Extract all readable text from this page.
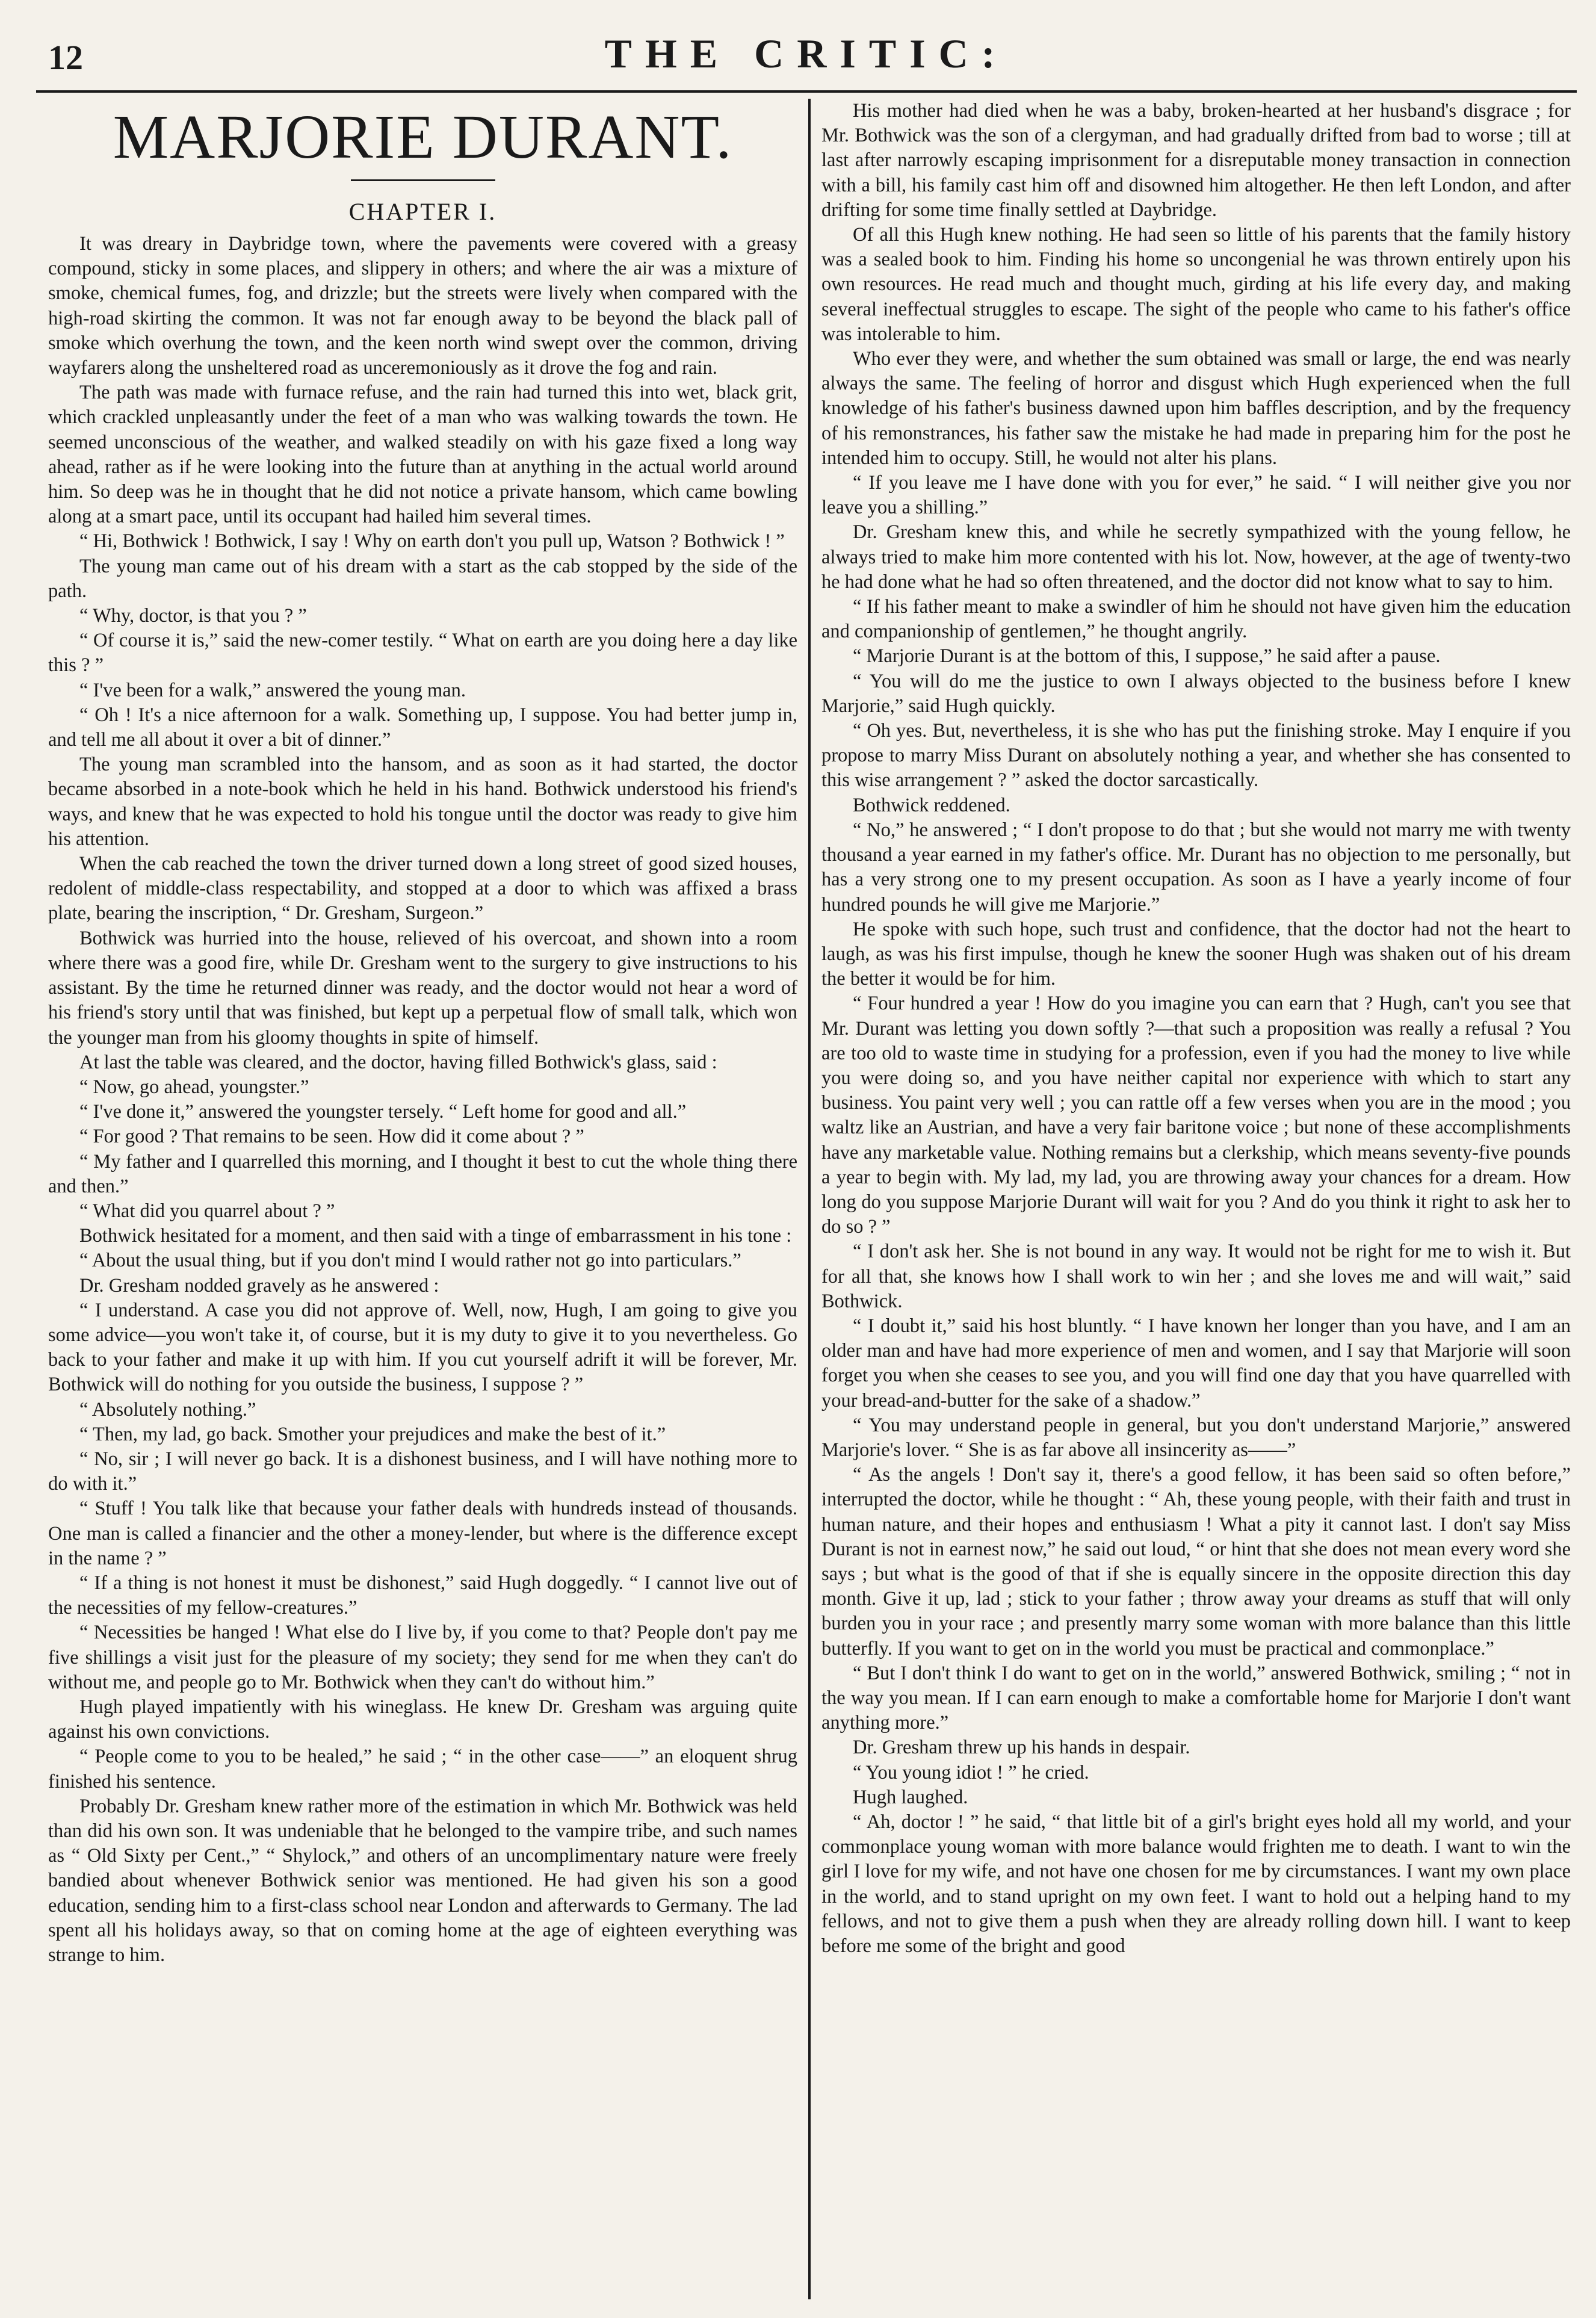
12	THE CRITIC:
MARJORIE DURANT.
CHAPTER I.

It was dreary in Daybridge town, where the pavements were covered with a greasy compound, sticky in some places, and slippery in others; and where the air was a mixture of smoke, chemical fumes, fog, and drizzle; but the streets were lively when compared with the high-road skirting the common. It was not far enough away to be beyond the black pall of smoke which overhung the town, and the keen north wind swept over the common, driving wayfarers along the unsheltered road as unceremoniously as it drove the fog and rain.

The path was made with furnace refuse, and the rain had turned this into wet, black grit, which crackled unpleasantly under the feet of a man who was walking towards the town. He seemed unconscious of the weather, and walked steadily on with his gaze fixed a long way ahead, rather as if he were looking into the future than at anything in the actual world around him. So deep was he in thought that he did not notice a private hansom, which came bowling along at a smart pace, until its occupant had hailed him several times.

“ Hi, Bothwick ! Bothwick, I say ! Why on earth don't you pull up, Watson ? Bothwick ! ”

The young man came out of his dream with a start as the cab stopped by the side of the path.

“ Why, doctor, is that you ? ”

“ Of course it is,” said the new-comer testily. “ What on earth are you doing here a day like this ? ”

“ I've been for a walk,” answered the young man.

“ Oh ! It's a nice afternoon for a walk. Something up, I suppose. You had better jump in, and tell me all about it over a bit of dinner.”

The young man scrambled into the hansom, and as soon as it had started, the doctor became absorbed in a note-book which he held in his hand. Bothwick understood his friend's ways, and knew that he was expected to hold his tongue until the doctor was ready to give him his attention.

When the cab reached the town the driver turned down a long street of good sized houses, redolent of middle-class respectability, and stopped at a door to which was affixed a brass plate, bearing the inscription, “ Dr. Gresham, Surgeon.”

Bothwick was hurried into the house, relieved of his overcoat, and shown into a room where there was a good fire, while Dr. Gresham went to the surgery to give instructions to his assistant. By the time he returned dinner was ready, and the doctor would not hear a word of his friend's story until that was finished, but kept up a perpetual flow of small talk, which won the younger man from his gloomy thoughts in spite of himself.

At last the table was cleared, and the doctor, having filled Bothwick's glass, said :

“ Now, go ahead, youngster.”

“ I've done it,” answered the youngster tersely. “ Left home for good and all.”

“ For good ? That remains to be seen. How did it come about ? ”

“ My father and I quarrelled this morning, and I thought it best to cut the whole thing there and then.”

“ What did you quarrel about ? ”

Bothwick hesitated for a moment, and then said with a tinge of embarrassment in his tone :

“ About the usual thing, but if you don't mind I would rather not go into particulars.”

Dr. Gresham nodded gravely as he answered :

“ I understand. A case you did not approve of. Well, now, Hugh, I am going to give you some advice—you won't take it, of course, but it is my duty to give it to you nevertheless. Go back to your father and make it up with him. If you cut yourself adrift it will be forever, Mr. Bothwick will do nothing for you outside the business, I suppose ? ”

“ Absolutely nothing.”

“ Then, my lad, go back. Smother your prejudices and make the best of it.”

“ No, sir ; I will never go back. It is a dishonest business, and I will have nothing more to do with it.”

“ Stuff ! You talk like that because your father deals with hundreds instead of thousands. One man is called a financier and the other a money-lender, but where is the difference except in the name ? ”

“ If a thing is not honest it must be dishonest,” said Hugh doggedly. “ I cannot live out of the necessities of my fellow-creatures.”

“ Necessities be hanged ! What else do I live by, if you come to that? People don't pay me five shillings a visit just for the pleasure of my society; they send for me when they can't do without me, and people go to Mr. Bothwick when they can't do without him.”

Hugh played impatiently with his wineglass. He knew Dr. Gresham was arguing quite against his own convictions.

“ People come to you to be healed,” he said ; “ in the other case——” an eloquent shrug finished his sentence.

Probably Dr. Gresham knew rather more of the estimation in which Mr. Bothwick was held than did his own son. It was undeniable that he belonged to the vampire tribe, and such names as “ Old Sixty per Cent.,” “ Shylock,” and others of an uncomplimentary nature were freely bandied about whenever Bothwick senior was mentioned. He had given his son a good education, sending him to a first-class school near London and afterwards to Germany. The lad spent all his holidays away, so that on coming home at the age of eighteen everything was strange to him.

His mother had died when he was a baby, broken-hearted at her husband's disgrace ; for Mr. Bothwick was the son of a clergyman, and had gradually drifted from bad to worse ; till at last after narrowly escaping imprisonment for a disreputable money transaction in connection with a bill, his family cast him off and disowned him altogether. He then left London, and after drifting for some time finally settled at Daybridge.

Of all this Hugh knew nothing. He had seen so little of his parents that the family history was a sealed book to him. Finding his home so uncongenial he was thrown entirely upon his own resources. He read much and thought much, girding at his life every day, and making several ineffectual struggles to escape. The sight of the people who came to his father's office was intolerable to him.

Who ever they were, and whether the sum obtained was small or large, the end was nearly always the same. The feeling of horror and disgust which Hugh experienced when the full knowledge of his father's business dawned upon him baffles description, and by the frequency of his remonstrances, his father saw the mistake he had made in preparing him for the post he intended him to occupy. Still, he would not alter his plans.

“ If you leave me I have done with you for ever,” he said. “ I will neither give you nor leave you a shilling.”

Dr. Gresham knew this, and while he secretly sympathized with the young fellow, he always tried to make him more contented with his lot. Now, however, at the age of twenty-two he had done what he had so often threatened, and the doctor did not know what to say to him.

“ If his father meant to make a swindler of him he should not have given him the education and companionship of gentlemen,” he thought angrily.

“ Marjorie Durant is at the bottom of this, I suppose,” he said after a pause.

“ You will do me the justice to own I always objected to the business before I knew Marjorie,” said Hugh quickly.

“ Oh yes. But, nevertheless, it is she who has put the finishing stroke. May I enquire if you propose to marry Miss Durant on absolutely nothing a year, and whether she has consented to this wise arrangement ? ” asked the doctor sarcastically.

Bothwick reddened.

“ No,” he answered ; “ I don't propose to do that ; but she would not marry me with twenty thousand a year earned in my father's office. Mr. Durant has no objection to me personally, but has a very strong one to my present occupation. As soon as I have a yearly income of four hundred pounds he will give me Marjorie.”

He spoke with such hope, such trust and confidence, that the doctor had not the heart to laugh, as was his first impulse, though he knew the sooner Hugh was shaken out of his dream the better it would be for him.

“ Four hundred a year ! How do you imagine you can earn that ? Hugh, can't you see that Mr. Durant was letting you down softly ?—that such a proposition was really a refusal ? You are too old to waste time in studying for a profession, even if you had the money to live while you were doing so, and you have neither capital nor experience with which to start any business. You paint very well ; you can rattle off a few verses when you are in the mood ; you waltz like an Austrian, and have a very fair baritone voice ; but none of these accomplishments have any marketable value. Nothing remains but a clerkship, which means seventy-five pounds a year to begin with. My lad, my lad, you are throwing away your chances for a dream. How long do you suppose Marjorie Durant will wait for you ? And do you think it right to ask her to do so ? ”

“ I don't ask her. She is not bound in any way. It would not be right for me to wish it. But for all that, she knows how I shall work to win her ; and she loves me and will wait,” said Bothwick.

“ I doubt it,” said his host bluntly. “ I have known her longer than you have, and I am an older man and have had more experience of men and women, and I say that Marjorie will soon forget you when she ceases to see you, and you will find one day that you have quarrelled with your bread-and-butter for the sake of a shadow.”

“ You may understand people in general, but you don't understand Marjorie,” answered Marjorie's lover. “ She is as far above all insincerity as——”

“ As the angels ! Don't say it, there's a good fellow, it has been said so often before,” interrupted the doctor, while he thought : “ Ah, these young people, with their faith and trust in human nature, and their hopes and enthusiasm ! What a pity it cannot last. I don't say Miss Durant is not in earnest now,” he said out loud, “ or hint that she does not mean every word she says ; but what is the good of that if she is equally sincere in the opposite direction this day month. Give it up, lad ; stick to your father ; throw away your dreams as stuff that will only burden you in your race ; and presently marry some woman with more balance than this little butterfly. If you want to get on in the world you must be practical and commonplace.”

“ But I don't think I do want to get on in the world,” answered Bothwick, smiling ; “ not in the way you mean. If I can earn enough to make a comfortable home for Marjorie I don't want anything more.”

Dr. Gresham threw up his hands in despair.

“ You young idiot ! ” he cried.

Hugh laughed.

“ Ah, doctor ! ” he said, “ that little bit of a girl's bright eyes hold all my world, and your commonplace young woman with more balance would frighten me to death. I want to win the girl I love for my wife, and not have one chosen for me by circumstances. I want my own place in the world, and to stand upright on my own feet. I want to hold out a helping hand to my fellows, and not to give them a push when they are already rolling down hill. I want to keep before me some of the bright and good
